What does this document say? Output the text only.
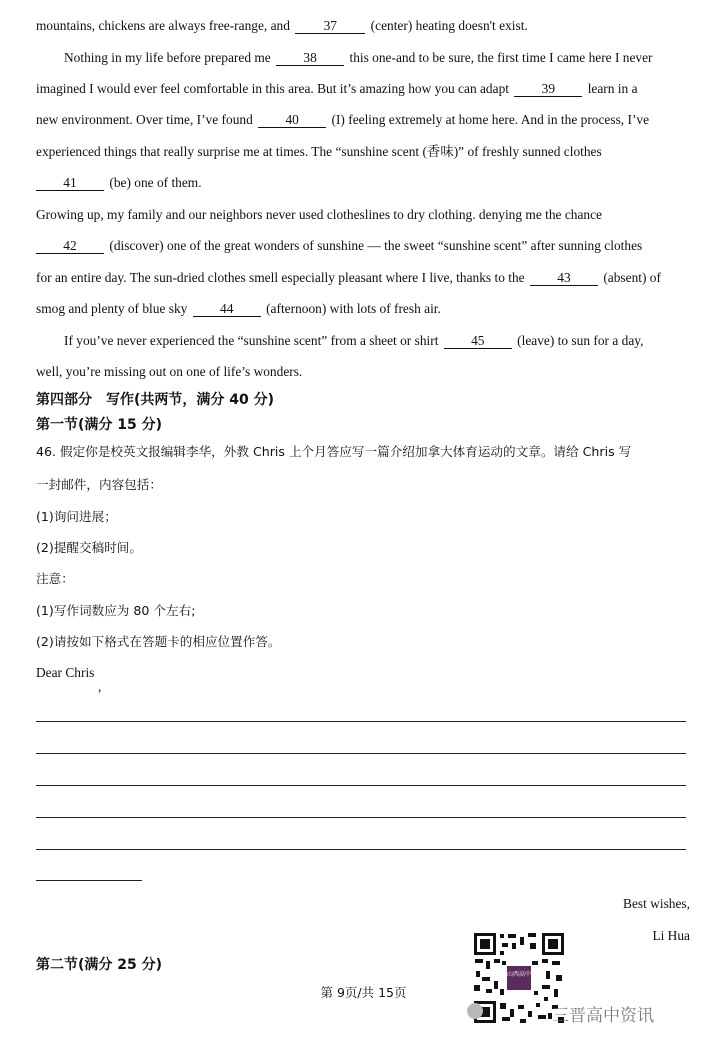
mountains, chickens are always free-range, and	37	(center) heating doesn't exist.
Nothing in my life before prepared me 38 this one-and to be sure, the first time I came here I never
imagined I would ever feel comfortable in this area. But it’s amazing how you can adapt 39 learn in a
new environment. Over time, I’ve found 40 (I) feeling extremely at home here. And in the process, I’ve
experienced things that really surprise me at times. The “sunshine scent (香味)” of freshly sunned clothes
41 (be) one of them.
Growing up, my family and our neighbors never used clotheslines to dry clothing. denying me the chance
42 (discover) one of the great wonders of sunshine — the sweet “sunshine scent” after sunning clothes
for an entire day. The sun-dried clothes smell especially pleasant where I live, thanks to the 43 (absent) of
smog and plenty of blue sky 44 (afternoon) with lots of fresh air.
If you’ve never experienced the “sunshine scent” from a sheet or shirt 45 (leave) to sun for a day,
well, you’re missing out on one of life’s wonders.
第四部分　写作(共两节，满分 40 分)
第一节(满分 15 分)
46. 假定你是校英文报编辑李华，外教 Chris 上个月答应写一篇介绍加拿大体育运动的文章。请给 Chris 写
一封邮件，内容包括：
(1)询问进展；
(2)提醒交稿时间。
注意：
(1)写作词数应为 80 个左右;
(2)请按如下格式在答题卡的相应位置作答。
Dear Chris
,
Best wishes,
Li Hua
第二节(满分 25 分)
第 9页/共 15页
山西高中
三晋高中资讯
